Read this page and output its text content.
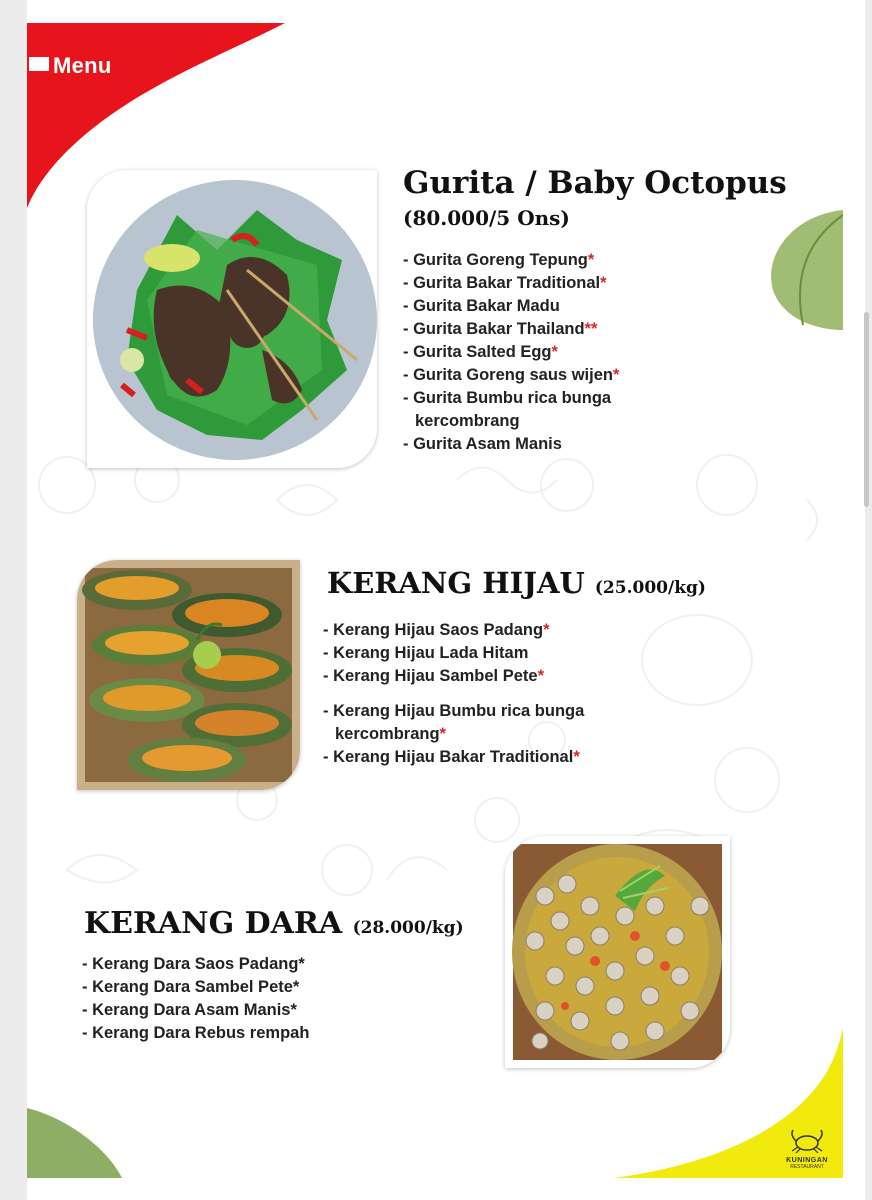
Menu
Gurita / Baby Octopus
(80.000/5 Ons)
- Gurita Goreng Tepung*
- Gurita Bakar Traditional*
- Gurita Bakar Madu
- Gurita Bakar Thailand**
- Gurita Salted Egg*
- Gurita Goreng saus wijen*
- Gurita Bumbu rica bunga
kercombrang
- Gurita Asam Manis
KERANG HIJAU (25.000/kg)
- Kerang Hijau Saos Padang*
- Kerang Hijau Lada Hitam
- Kerang Hijau Sambel Pete*
- Kerang Hijau Bumbu rica bunga
kercombrang*
- Kerang Hijau Bakar Traditional*
KERANG DARA (28.000/kg)
- Kerang Dara Saos Padang*
- Kerang Dara Sambel Pete*
- Kerang Dara Asam Manis*
- Kerang Dara Rebus rempah
KUNINGAN
RESTAURANT
